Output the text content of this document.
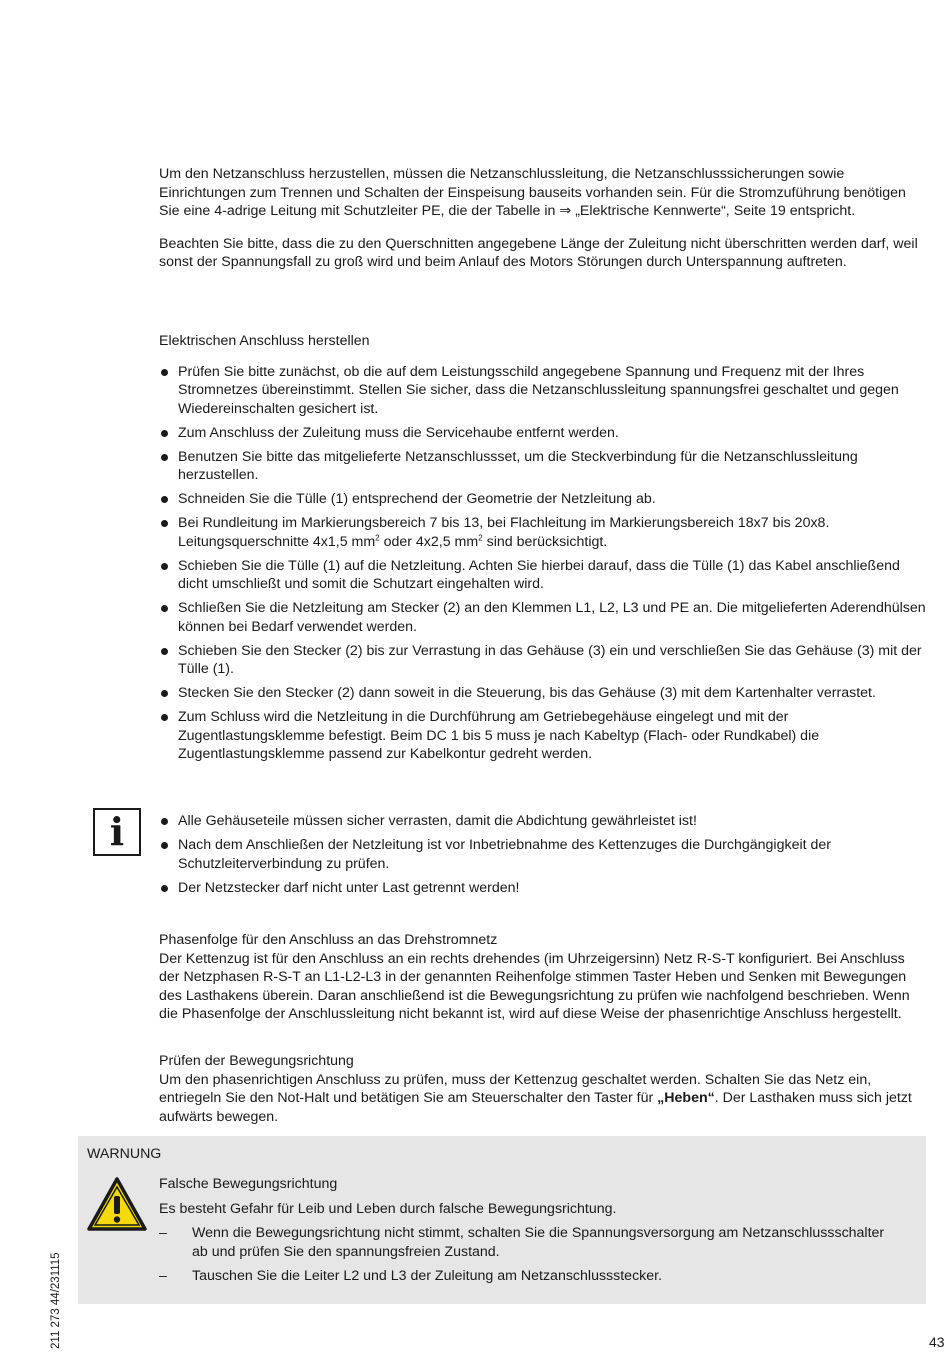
Um den Netzanschluss herzustellen, müssen die Netzanschlussleitung, die Netzanschlusssicherungen sowie Einrichtungen zum Trennen und Schalten der Einspeisung bauseits vorhanden sein. Für die Stromzuführung benötigen Sie eine 4-adrige Leitung mit Schutzleiter PE, die der Tabelle in ⇒ „Elektrische Kennwerte“, Seite 19 entspricht.

Beachten Sie bitte, dass die zu den Querschnitten angegebene Länge der Zuleitung nicht überschritten werden darf, weil sonst der Spannungsfall zu groß wird und beim Anlauf des Motors Störungen durch Unterspannung auftreten.

Elektrischen Anschluss herstellen

Prüfen Sie bitte zunächst, ob die auf dem Leistungsschild angegebene Spannung und Frequenz mit der Ihres Stromnetzes übereinstimmt. Stellen Sie sicher, dass die Netzanschlussleitung spannungsfrei geschaltet und gegen Wiedereinschalten gesichert ist.
Zum Anschluss der Zuleitung muss die Servicehaube entfernt werden.
Benutzen Sie bitte das mitgelieferte Netzanschlussset, um die Steckverbindung für die Netzanschlussleitung herzustellen.
Schneiden Sie die Tülle (1) entsprechend der Geometrie der Netzleitung ab.
Bei Rundleitung im Markierungsbereich 7 bis 13, bei Flachleitung im Markierungsbereich 18x7 bis 20x8. Leitungsquerschnitte 4x1,5 $mm^2$ oder 4x2,5 $mm^2$ sind berücksichtigt.
Schieben Sie die Tülle (1) auf die Netzleitung. Achten Sie hierbei darauf, dass die Tülle (1) das Kabel anschließend dicht umschließt und somit die Schutzart eingehalten wird.
Schließen Sie die Netzleitung am Stecker (2) an den Klemmen L1, L2, L3 und PE an. Die mitgelieferten Aderendhülsen können bei Bedarf verwendet werden.
Schieben Sie den Stecker (2) bis zur Verrastung in das Gehäuse (3) ein und verschließen Sie das Gehäuse (3) mit der Tülle (1).
Stecken Sie den Stecker (2) dann soweit in die Steuerung, bis das Gehäuse (3) mit dem Kartenhalter verrastet.
Zum Schluss wird die Netzleitung in die Durchführung am Getriebegehäuse eingelegt und mit der Zugentlastungsklemme befestigt. Beim DC 1 bis 5 muss je nach Kabeltyp (Flach- oder Rundkabel) die Zugentlastungsklemme passend zur Kabelkontur gedreht werden.
i	Alle Gehäuseteile müssen sicher verrasten, damit die Abdichtung gewährleistet ist!
Nach dem Anschließen der Netzleitung ist vor Inbetriebnahme des Kettenzuges die Durchgängigkeit der Schutzleiterverbindung zu prüfen.
Der Netzstecker darf nicht unter Last getrennt werden!

Phasenfolge für den Anschluss an das Drehstromnetz

Der Kettenzug ist für den Anschluss an ein rechts drehendes (im Uhrzeigersinn) Netz R-S-T konfiguriert. Bei Anschluss der Netzphasen R-S-T an L1-L2-L3 in der genannten Reihenfolge stimmen Taster Heben und Senken mit Bewegungen des Lasthakens überein. Daran anschließend ist die Bewegungsrichtung zu prüfen wie nachfolgend beschrieben. Wenn die Phasenfolge der Anschlussleitung nicht bekannt ist, wird auf diese Weise der phasenrichtige Anschluss hergestellt.

Prüfen der Bewegungsrichtung

Um den phasenrichtigen Anschluss zu prüfen, muss der Kettenzug geschaltet werden. Schalten Sie das Netz ein, entriegeln Sie den Not-Halt und betätigen Sie am Steuerschalter den Taster für „Heben“. Der Lasthaken muss sich jetzt aufwärts bewegen.

WARNUNG

Falsche Bewegungsrichtung

Es besteht Gefahr für Leib und Leben durch falsche Bewegungsrichtung.

– Wenn die Bewegungsrichtung nicht stimmt, schalten Sie die Spannungsversorgung am Netzanschlussschalter ab und prüfen Sie den spannungsfreien Zustand.
– Tauschen Sie die Leiter L2 und L3 der Zuleitung am Netzanschlussstecker.
211 273 44/231115	43
